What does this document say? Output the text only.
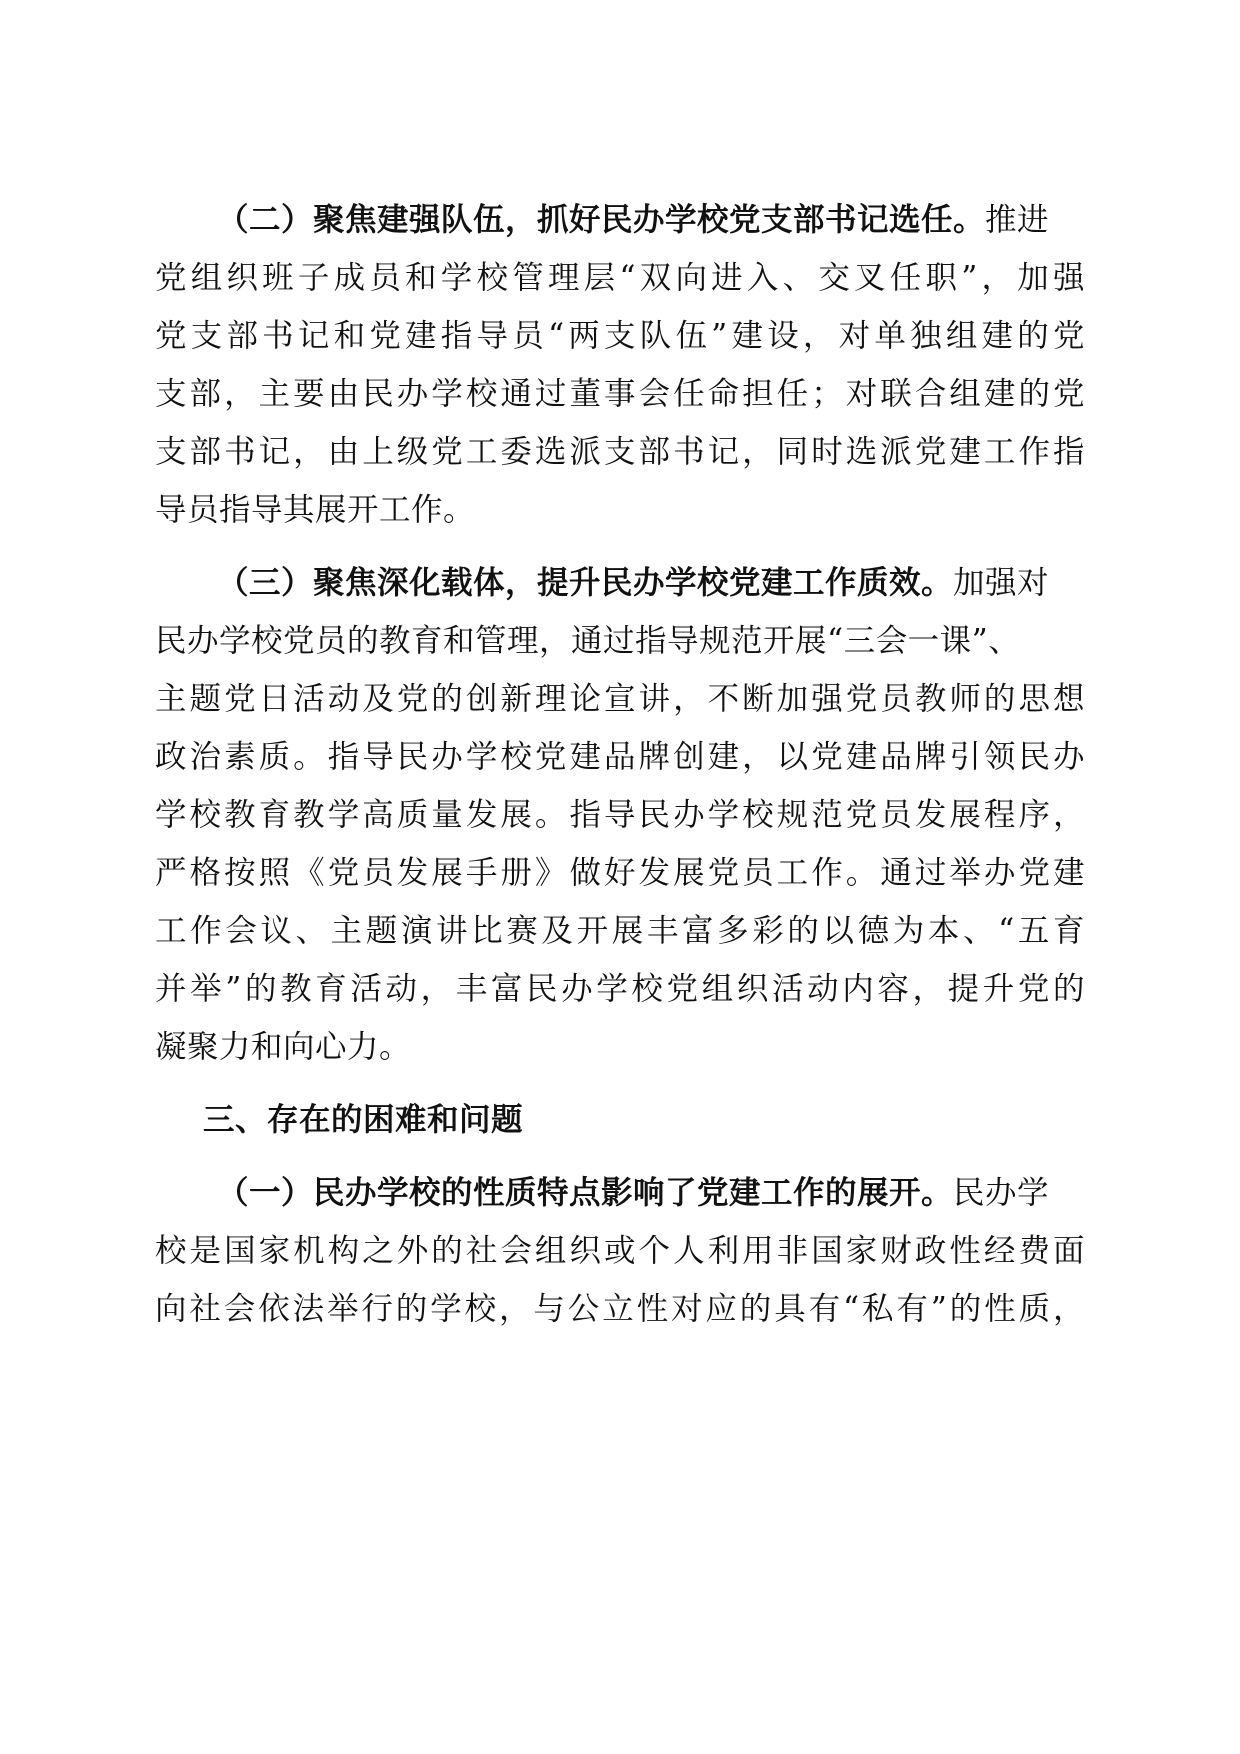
（二）聚焦建强队伍，抓好民办学校党支部书记选任。推进
党组织班子成员和学校管理层“双向进入、交叉任职”，加强
党支部书记和党建指导员“两支队伍”建设，对单独组建的党
支部，主要由民办学校通过董事会任命担任；对联合组建的党
支部书记，由上级党工委选派支部书记，同时选派党建工作指
导员指导其展开工作。
（三）聚焦深化载体，提升民办学校党建工作质效。加强对
民办学校党员的教育和管理，通过指导规范开展“三会一课”、
主题党日活动及党的创新理论宣讲，不断加强党员教师的思想
政治素质。指导民办学校党建品牌创建，以党建品牌引领民办
学校教育教学高质量发展。指导民办学校规范党员发展程序，
严格按照《党员发展手册》做好发展党员工作。通过举办党建
工作会议、主题演讲比赛及开展丰富多彩的以德为本、“五育
并举”的教育活动，丰富民办学校党组织活动内容，提升党的
凝聚力和向心力。
三、存在的困难和问题
（一）民办学校的性质特点影响了党建工作的展开。民办学
校是国家机构之外的社会组织或个人利用非国家财政性经费面
向社会依法举行的学校，与公立性对应的具有“私有”的性质，
